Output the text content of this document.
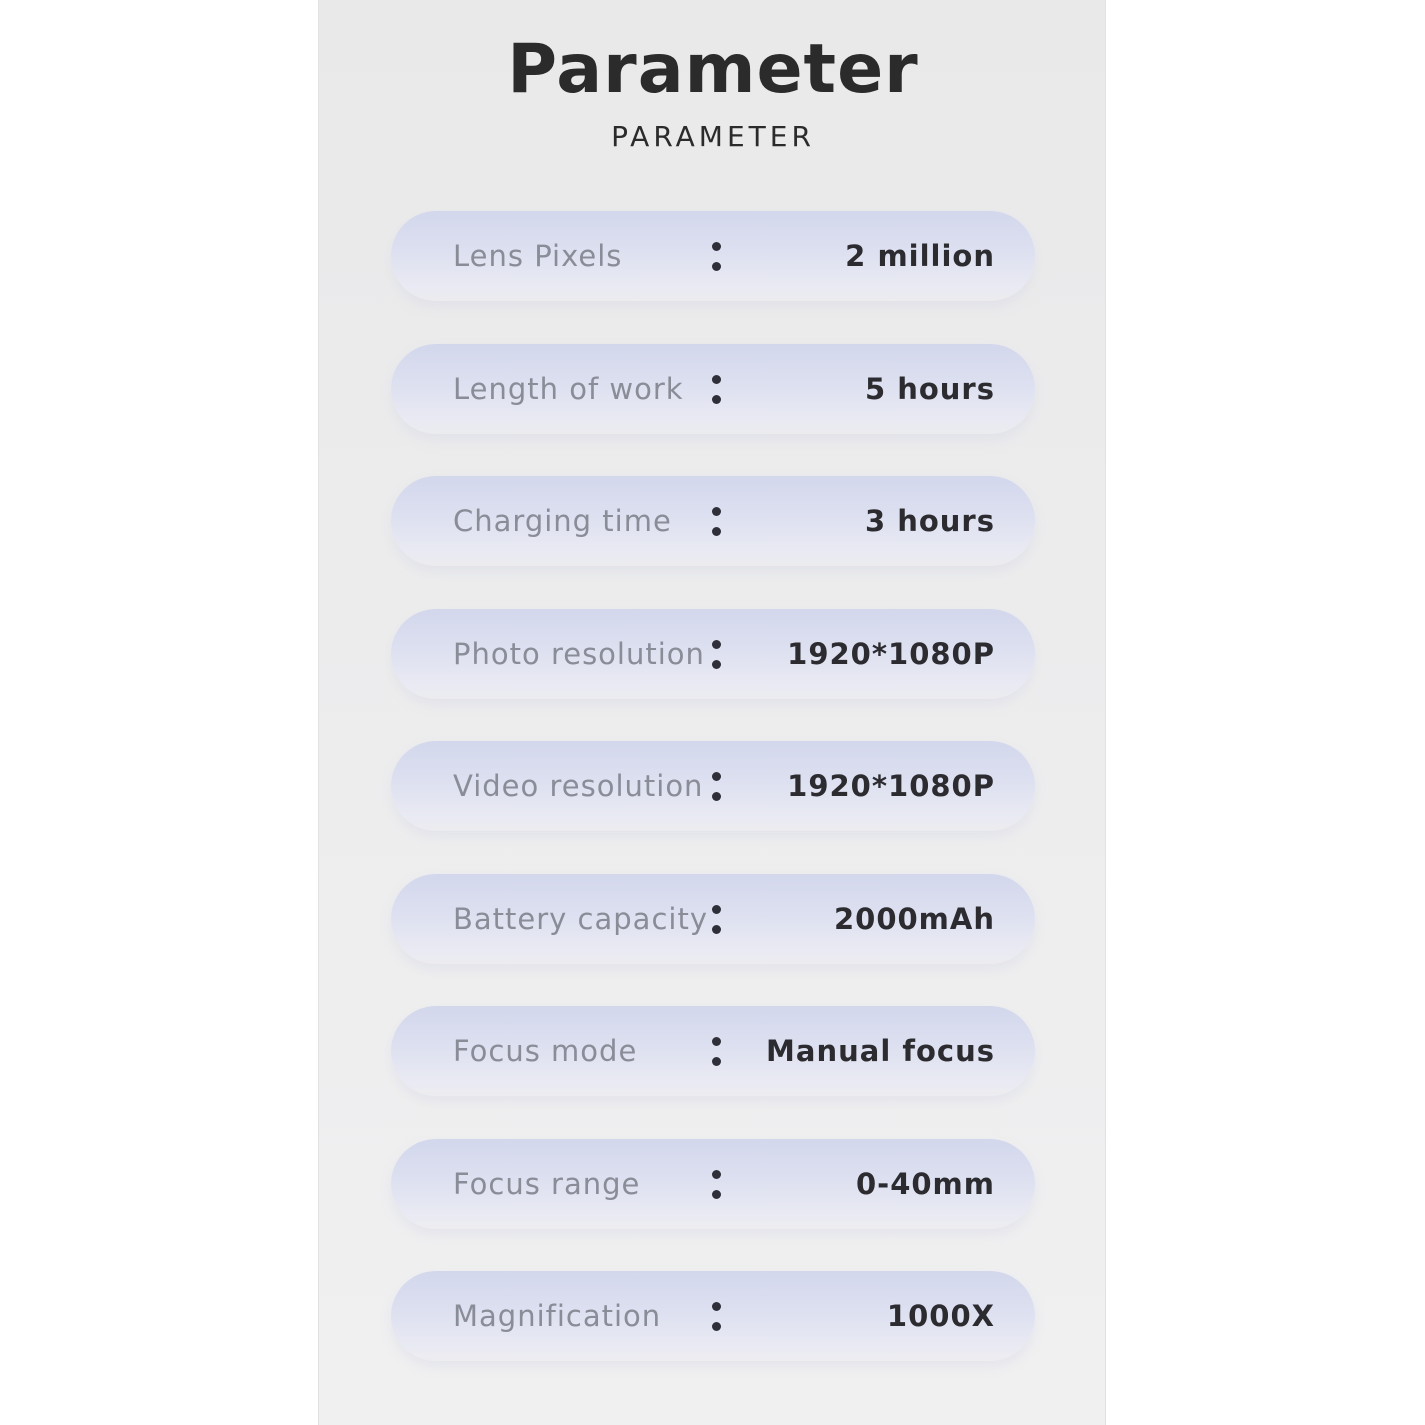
Parameter
PARAMETER
Lens Pixels	2 million
Length of work	5 hours
Charging time	3 hours
Photo resolution	1920*1080P
Video resolution	1920*1080P
Battery capacity	2000mAh
Focus mode	Manual focus
Focus range	0-40mm
Magnification	1000X
